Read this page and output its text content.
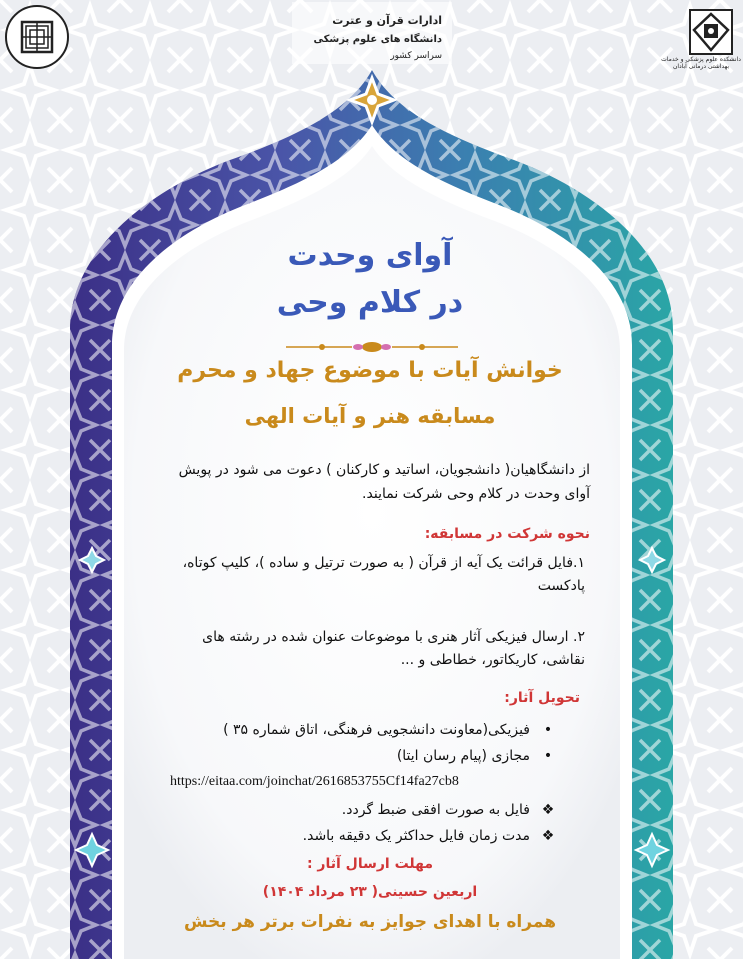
ادارات قرآن و عترت
دانشگاه های علوم پزشکی
سراسر کشور	دانشکده علوم پزشکی و خدمات بهداشتی درمانی آبادان
آوای وحدت
در کلام وحی
خوانش آیات با موضوع جهاد و محرم
مسابقه هنر و آیات الهی
از دانشگاهیان( دانشجویان، اساتید و کارکنان ) دعوت می شود در پویش آوای وحدت در کلام وحی شرکت نمایند.
نحوه شرکت در مسابقه:
۱.فایل قرائت یک آیه از قرآن ( به صورت ترتیل و ساده )، کلیپ کوتاه، پادکست
۲. ارسال فیزیکی آثار هنری با موضوعات عنوان شده در رشته های نقاشی، کاریکاتور، خطاطی و ...
تحویل آثار:
•
فیزیکی(معاونت دانشجویی فرهنگی، اتاق شماره ۳۵ )
•
مجازی (پیام رسان ایتا)
https://eitaa.com/joinchat/2616853755Cf14fa27cb8
❖
فایل به صورت افقی ضبط گردد.
❖
مدت زمان فایل حداکثر یک دقیقه باشد.
مهلت ارسال آثار :
اربعین حسینی( ۲۳ مرداد ۱۴۰۴)
همراه با اهدای جوایز به نفرات برتر هر بخش
